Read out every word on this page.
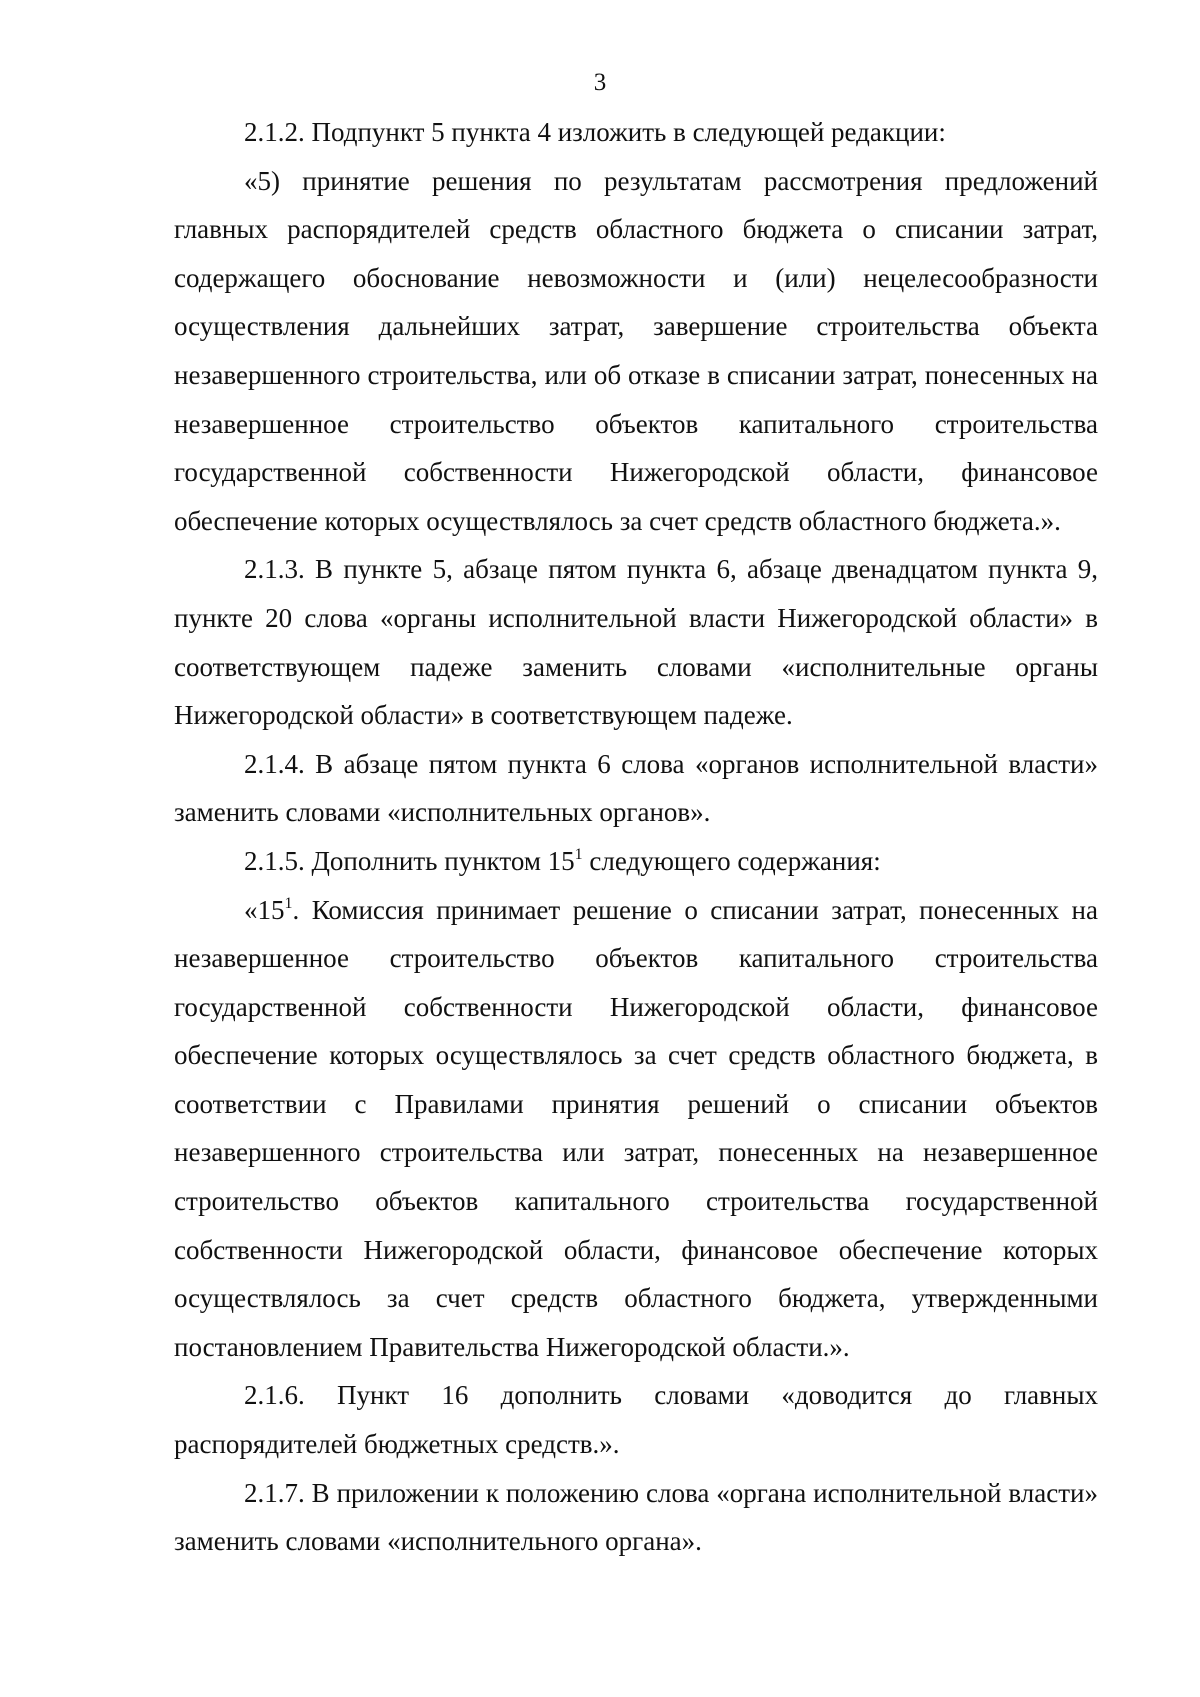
3

2.1.2. Подпункт 5 пункта 4 изложить в следующей редакции:

«5) принятие решения по результатам рассмотрения предложений главных распорядителей средств областного бюджета о списании затрат, содержащего обоснование невозможности и (или) нецелесообразности осуществления дальнейших затрат, завершение строительства объекта незавершенного строительства, или об отказе в списании затрат, понесенных на незавершенное строительство объектов капитального строительства государственной собственности Нижегородской области, финансовое обеспечение которых осуществлялось за счет средств областного бюджета.».

2.1.3. В пункте 5, абзаце пятом пункта 6, абзаце двенадцатом пункта 9, пункте 20 слова «органы исполнительной власти Нижегородской области» в соответствующем падеже заменить словами «исполнительные органы Нижегородской области» в соответствующем падеже.

2.1.4. В абзаце пятом пункта 6 слова «органов исполнительной власти» заменить словами «исполнительных органов».

2.1.5. Дополнить пунктом $15^1$ следующего содержания:

«$15^1$. Комиссия принимает решение о списании затрат, понесенных на незавершенное строительство объектов капитального строительства государственной собственности Нижегородской области, финансовое обеспечение которых осуществлялось за счет средств областного бюджета, в соответствии с Правилами принятия решений о списании объектов незавершенного строительства или затрат, понесенных на незавершенное строительство объектов капитального строительства государственной собственности Нижегородской области, финансовое обеспечение которых осуществлялось за счет средств областного бюджета, утвержденными постановлением Правительства Нижегородской области.».

2.1.6. Пункт 16 дополнить словами «доводится до главных распорядителей бюджетных средств.».

2.1.7. В приложении к положению слова «органа исполнительной власти» заменить словами «исполнительного органа».
